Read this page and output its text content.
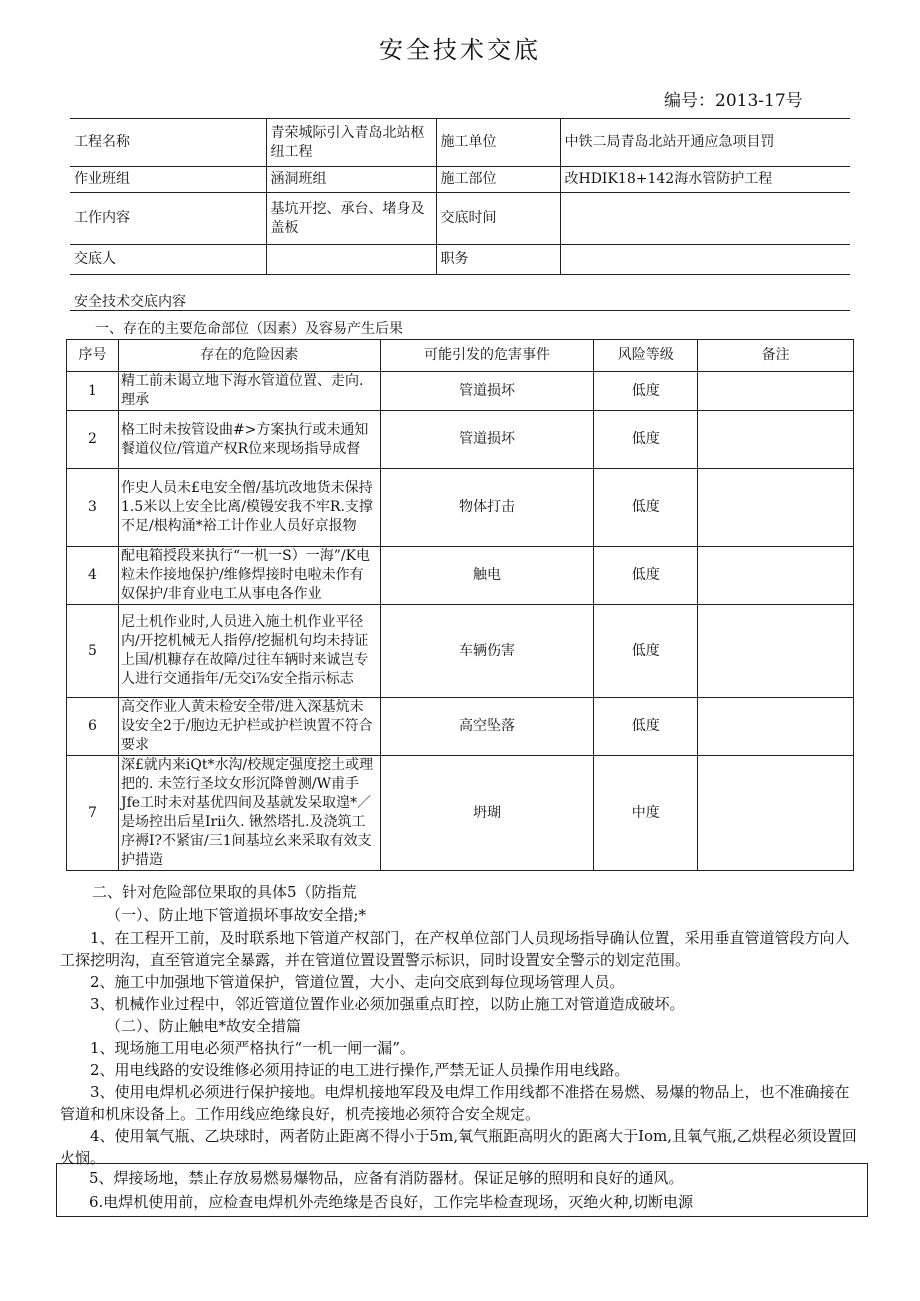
安全技术交底
编号：2013-17号
工程名称	青荣城际引入青岛北站枢纽工程	施工单位	中铁二局青岛北站开通应急项目罚
作业班组	涵洞班组	施工部位	改HDIK18+142海水管防护工程
工作内容	基坑开挖、承台、堵身及盖板	交底时间	
交底人		职务	
安全技术交底内容
一、存在的主要危命部位（因素）及容易产生后果
序号	存在的危险因素	可能引发的危害事件	风险等级	备注
1	精工前未谒立地下海水管道位置、走向. 理承	管道损坏	低度	
2	格工时未按管设曲#>方案执行或未通知餐道仪位/管道产权R位来现场指导成督	管道损坏	低度	
3	作史人员未£电安全僧/基坑改地货未保持1.5米以上安全比离/模镘安我不牢R.支撑不足/根构涌*裕工计作业人员好京报物	物体打击	低度	
4	配电箱授段来执行“一机一S）一海”/K电粒未作接地保护/维修焊接时电啦未作有奴保护/非育业电工从事电各作业	触电	低度	
5	尼土机作业时,人员进入施土机作业平径内/开挖机械无人指停/挖掘机句均未持证上国/机糠存在故障/过往车辆时来诚岂专人进行交通指年/无交i⅞安全指示标志	车辆伤害	低度	
6	高交作业人黄未检安全带/进入深基炕未设安全2于/胞边无护栏或护栏谀置不符合要求	高空坠落	低度	
7	深£就内来iQt*水沟/校规定强度挖土或理把的. 未笠行圣坟女形沉降曾测/W甫手Jfe工时未对基优四间及基就发呆取遑*／是场控出后星Irii久. 锹然塔扎.及浇筑工序褥I?不紧宙/三1间基垃幺来采取有效支护措造	坍瑚	中度	
二、针对危险部位果取的具体5（防指荒
（一）、防止地下管道损坏事故安全措;*
1、在工程开工前，及时联系地下管道产权部门，在产权单位部门人员现场指导确认位置，采用垂直管道管段方向人工探挖明沟，直至管道完全暴露，并在管道位置设置警示标识，同时设置安全警示的划定范围。
2、施工中加强地下管道保护，管道位置，大小、走向交底到每位现场管理人员。
3、机械作业过程中，邻近管道位置作业必须加强重点盯控，以防止施工对管道造成破坏。
（二）、防止触电*故安全措篇
1、现场施工用电必须严格执行“一机一闸一漏”。
2、用电线路的安设维修必须用持证的电工进行操作,严禁无证人员操作用电线路。
3、使用电焊机必须进行保护接地。电焊机接地军段及电焊工作用线都不准搭在易燃、易爆的物品上，也不准确接在管道和机床设备上。工作用线应绝缘良好，机壳接地必须符合安全规定。
4、使用氧气瓶、乙块球时，两者防止距离不得小于5m,氧气瓶距高明火的距离大于Iom,且氧气瓶,乙烘程必须设置回火悯。

5、焊接场地，禁止存放易燃易爆物品，应备有消防器材。保证足够的照明和良好的通风。

6.电焊机使用前，应检查电焊机外壳绝缘是否良好，工作完毕检查现场，灭绝火种,切断电源
